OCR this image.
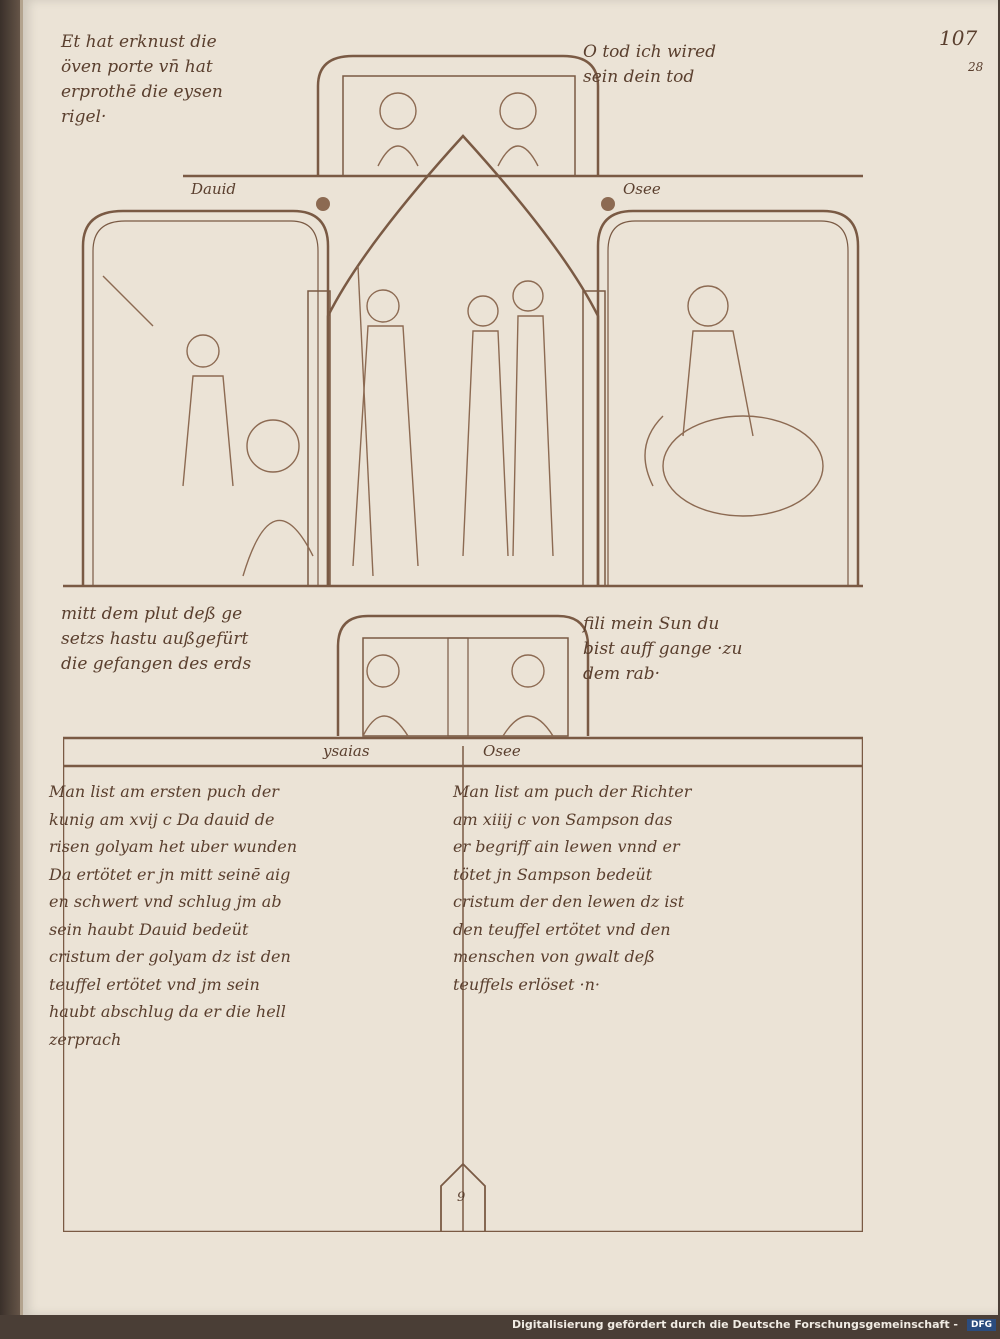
107
28
9
Et hat erknust die
öven porte vn̄ hat
erprothē die eysen
rigel·
O tod ich wired
sein dein tod
Dauid	Osee
mitt dem plut deß ge
setzs hastu außgefürt
die gefangen des erds
fili mein Sun du
bist auff gange ·zu
dem rab·
ysaias	Osee
Man list am ersten puch der
kunig am xvij c Da dauid de
risen golyam het uber wunden
Da ertötet er jn mitt seinē aig
en schwert vnd schlug jm ab
sein haubt Dauid bedeüt
cristum der golyam dz ist den
teuffel ertötet vnd jm sein
haubt abschlug da er die hell
zerprach
Man list am puch der Richter
am xiiij c von Sampson das
er begriff ain lewen vnnd er
tötet jn Sampson bedeüt
cristum der den lewen dz ist
den teuffel ertötet vnd den
menschen von gwalt deß
teuffels erlöset ·n·
Digitalisierung gefördert durch die Deutsche Forschungsgemeinschaft -	DFG
